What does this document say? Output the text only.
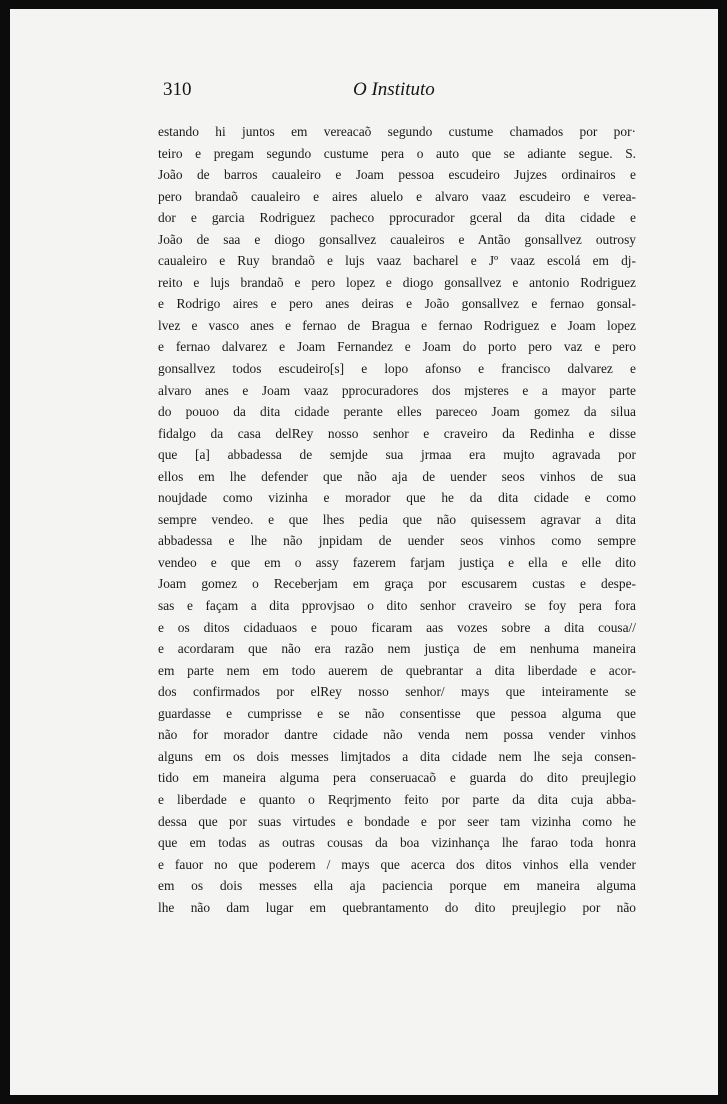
310	O Instituto
estando hi juntos em vereacaõ segundo custume chamados por por·
teiro e pregam segundo custume pera o auto que se adiante segue. S.
João de barros caualeiro e Joam pessoa escudeiro Jujzes ordinairos e
pero brandaõ caualeiro e aires aluelo e alvaro vaaz escudeiro e verea-
dor e garcia Rodriguez pacheco pprocurador gceral da dita cidade e
João de saa e diogo gonsallvez caualeiros e Antão gonsallvez outrosy
caualeiro e Ruy brandaõ e lujs vaaz bacharel e Jº vaaz escolá em dj-
reito e lujs brandaõ e pero lopez e diogo gonsallvez e antonio Rodriguez
e Rodrigo aires e pero anes deiras e João gonsallvez e fernao gonsal-
lvez e vasco anes e fernao de Bragua e fernao Rodriguez e Joam lopez
e fernao dalvarez e Joam Fernandez e Joam do porto pero vaz e pero
gonsallvez todos escudeiro[s] e lopo afonso e francisco dalvarez e
alvaro anes e Joam vaaz pprocuradores dos mjsteres e a mayor parte
do pouoo da dita cidade perante elles pareceo Joam gomez da silua
fidalgo da casa delRey nosso senhor e craveiro da Redinha e disse
que [a] abbadessa de semjde sua jrmaa era mujto agravada por
ellos em lhe defender que não aja de uender seos vinhos de sua
noujdade como vizinha e morador que he da dita cidade e como
sempre vendeo. e que lhes pedia que não quisessem agravar a dita
abbadessa e lhe não jnpidam de uender seos vinhos como sempre
vendeo e que em o assy fazerem farjam justiça e ella e elle dito
Joam gomez o Receberjam em graça por escusarem custas e despe-
sas e façam a dita pprovjsao o dito senhor craveiro se foy pera fora
e os ditos cidaduaos e pouo ficaram aas vozes sobre a dita cousa//
e acordaram que não era razão nem justiça de em nenhuma maneira
em parte nem em todo auerem de quebrantar a dita liberdade e acor-
dos confirmados por elRey nosso senhor/ mays que inteiramente se
guardasse e cumprisse e se não consentisse que pessoa alguma que
não for morador dantre cidade não venda nem possa vender vinhos
alguns em os dois messes limjtados a dita cidade nem lhe seja consen-
tido em maneira alguma pera conseruacaõ e guarda do dito preujlegio
e liberdade e quanto o Reqrjmento feito por parte da dita cuja abba-
dessa que por suas virtudes e bondade e por seer tam vizinha como he
que em todas as outras cousas da boa vizinhança lhe farao toda honra
e fauor no que poderem / mays que acerca dos ditos vinhos ella vender
em os dois messes ella aja paciencia porque em maneira alguma
lhe não dam lugar em quebrantamento do dito preujlegio por não
